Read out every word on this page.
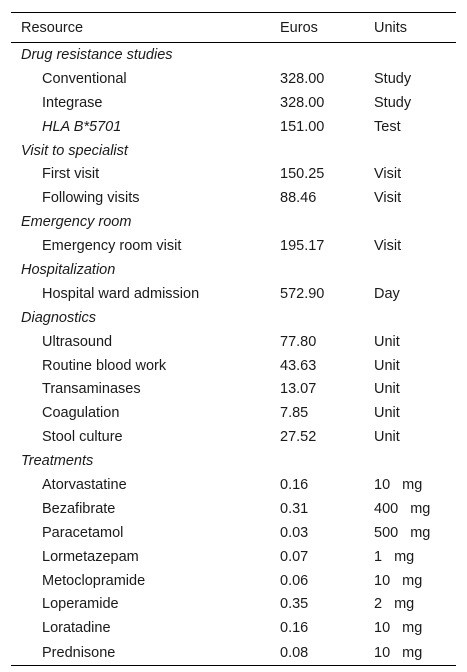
Resource	Euros	Units
Drug resistance studies		
Conventional	328.00	Study
Integrase	328.00	Study
HLA B*5701	151.00	Test
Visit to specialist		
First visit	150.25	Visit
Following visits	88.46	Visit
Emergency room		
Emergency room visit	195.17	Visit
Hospitalization		
Hospital ward admission	572.90	Day
Diagnostics		
Ultrasound	77.80	Unit
Routine blood work	43.63	Unit
Transaminases	13.07	Unit
Coagulation	7.85	Unit
Stool culture	27.52	Unit
Treatments		
Atorvastatine	0.16	10 mg
Bezafibrate	0.31	400 mg
Paracetamol	0.03	500 mg
Lormetazepam	0.07	1 mg
Metoclopramide	0.06	10 mg
Loperamide	0.35	2 mg
Loratadine	0.16	10 mg
Prednisone	0.08	10 mg
